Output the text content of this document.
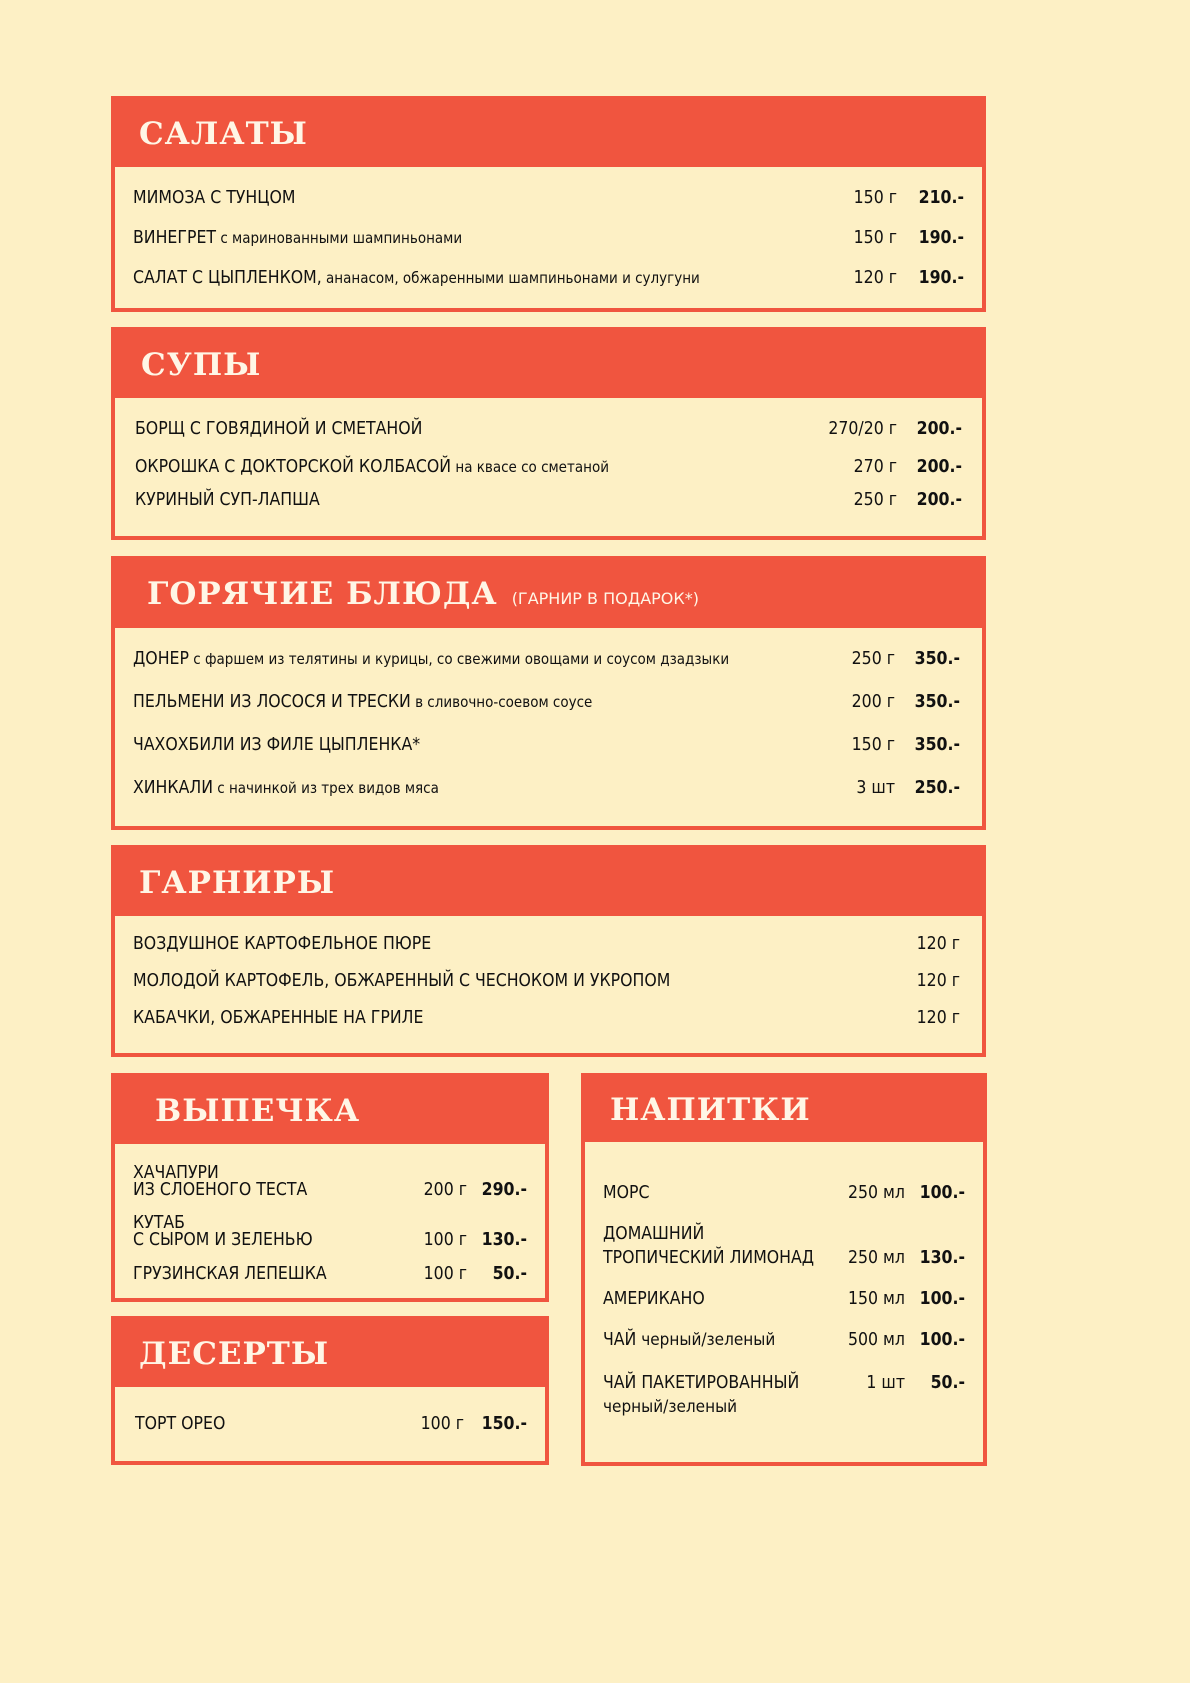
САЛАТЫ
МИМОЗА С ТУНЦОМ	150 г 210.-
ВИНЕГРЕТ с маринованными шампиньонами	150 г 190.-
САЛАТ С ЦЫПЛЕНКОМ, ананасом, обжаренными шампиньонами и сулугуни	120 г 190.-
СУПЫ
БОРЩ С ГОВЯДИНОЙ И СМЕТАНОЙ	270/20 г 200.-
ОКРОШКА С ДОКТОРСКОЙ КОЛБАСОЙ на квасе со сметаной	270 г 200.-
КУРИНЫЙ СУП-ЛАПША	250 г 200.-
ГОРЯЧИЕ БЛЮДА (ГАРНИР В ПОДАРОК*)
ДОНЕР с фаршем из телятины и курицы, со свежими овощами и соусом дзадзыки	250 г 350.-
ПЕЛЬМЕНИ ИЗ ЛОСОСЯ И ТРЕСКИ в сливочно-соевом соусе	200 г 350.-
ЧАХОХБИЛИ ИЗ ФИЛЕ ЦЫПЛЕНКА*	150 г 350.-
ХИНКАЛИ с начинкой из трех видов мяса	3 шт 250.-
ГАРНИРЫ
ВОЗДУШНОЕ КАРТОФЕЛЬНОЕ ПЮРЕ	120 г
МОЛОДОЙ КАРТОФЕЛЬ, ОБЖАРЕННЫЙ С ЧЕСНОКОМ И УКРОПОМ	120 г
КАБАЧКИ, ОБЖАРЕННЫЕ НА ГРИЛЕ	120 г
ВЫПЕЧКА
ХАЧАПУРИ
ИЗ СЛОЕНОГО ТЕСТА	200 г 290.-
КУТАБ
С СЫРОМ И ЗЕЛЕНЬЮ	100 г 130.-
ГРУЗИНСКАЯ ЛЕПЕШКА	100 г 50.-
ДЕСЕРТЫ
ТОРТ ОРЕО	100 г 150.-
НАПИТКИ
МОРС	250 мл 100.-
ДОМАШНИЙ
ТРОПИЧЕСКИЙ ЛИМОНАД 250 мл 130.-
АМЕРИКАНО	150 мл 100.-
ЧАЙ черный/зеленый	500 мл 100.-
ЧАЙ ПАКЕТИРОВАННЫЙ
черный/зеленый
1 шт 50.-
